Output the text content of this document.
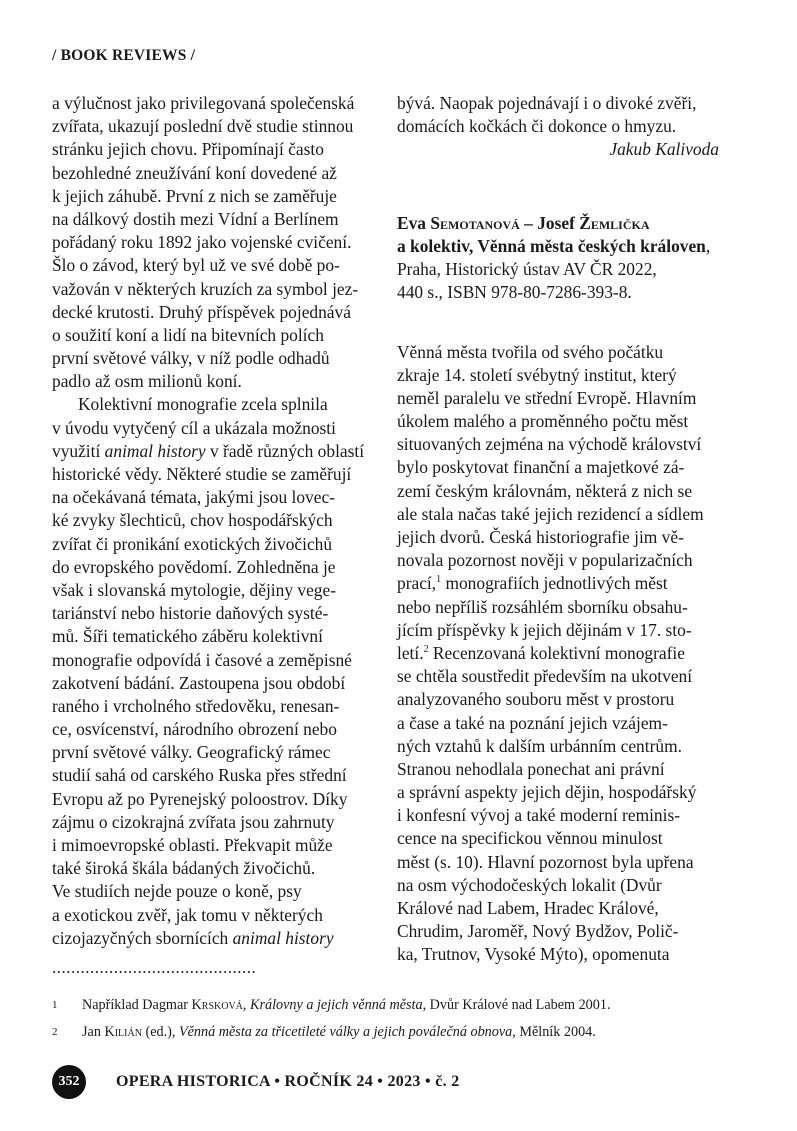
/ BOOK REVIEWS /
a výlučnost jako privilegovaná společenská
zvířata, ukazují poslední dvě studie stinnou
stránku jejich chovu. Připomínají často
bezohledné zneužívání koní dovedené až
k jejich záhubě. První z nich se zaměřuje
na dálkový dostih mezi Vídní a Berlínem
pořádaný roku 1892 jako vojenské cvičení.
Šlo o závod, který byl už ve své době po-
važován v některých kruzích za symbol jez-
decké krutosti. Druhý příspěvek pojednává
o soužití koní a lidí na bitevních polích
první světové války, v níž podle odhadů
padlo až osm milionů koní.
Kolektivní monografie zcela splnila
v úvodu vytyčený cíl a ukázala možnosti
využití animal history v řadě různých oblastí
historické vědy. Některé studie se zaměřují
na očekávaná témata, jakými jsou lovec-
ké zvyky šlechticů, chov hospodářských
zvířat či pronikání exotických živočichů
do evropského povědomí. Zohledněna je
však i slovanská mytologie, dějiny vege-
tariánství nebo historie daňových systé-
mů. Šíři tematického záběru kolektivní
monografie odpovídá i časové a zeměpisné
zakotvení bádání. Zastoupena jsou období
raného i vrcholného středověku, renesan-
ce, osvícenství, národního obrození nebo
první světové války. Geografický rámec
studií sahá od carského Ruska přes střední
Evropu až po Pyrenejský poloostrov. Díky
zájmu o cizokrajná zvířata jsou zahrnuty
i mimoevropské oblasti. Překvapit může
také široká škála bádaných živočichů.
Ve studiích nejde pouze o koně, psy
a exotickou zvěř, jak tomu v některých
cizojazyčných sbornících animal history
bývá. Naopak pojednávají i o divoké zvěři,
domácích kočkách či dokonce o hmyzu.
Jakub Kalivoda
Eva Semotanová – Josef Žemlička
a kolektiv, Věnná města českých královen,
Praha, Historický ústav AV ČR 2022,
440 s., ISBN 978-80-7286-393-8.
Věnná města tvořila od svého počátku
zkraje 14. století svébytný institut, který
neměl paralelu ve střední Evropě. Hlavním
úkolem malého a proměnného počtu měst
situovaných zejména na východě království
bylo poskytovat finanční a majetkové zá-
zemí českým královnám, některá z nich se
ale stala načas také jejich rezidencí a sídlem
jejich dvorů. Česká historiografie jim vě-
novala pozornost nověji v popularizačních
prací,$^1$ monografiích jednotlivých měst
nebo nepříliš rozsáhlém sborníku obsahu-
jícím příspěvky k jejich dějinám v 17. sto-
letí.$^2$ Recenzovaná kolektivní monografie
se chtěla soustředit především na ukotvení
analyzovaného souboru měst v prostoru
a čase a také na poznání jejich vzájem-
ných vztahů k dalším urbánním centrům.
Stranou nehodlala ponechat ani právní
a správní aspekty jejich dějin, hospodářský
i konfesní vývoj a také moderní reminis-
cence na specifickou věnnou minulost
měst (s. 10). Hlavní pozornost byla upřena
na osm východočeských lokalit (Dvůr
Králové nad Labem, Hradec Králové,
Chrudim, Jaroměř, Nový Bydžov, Polič-
ka, Trutnov, Vysoké Mýto), opomenuta
...........................................
1 Například Dagmar Krsková, Královny a jejich věnná města, Dvůr Králové nad Labem 2001.
2 Jan Kilián (ed.), Věnná města za třicetileté války a jejich poválečná obnova, Mělník 2004.
352	OPERA HISTORICA • ROČNÍK 24 • 2023 • č. 2
